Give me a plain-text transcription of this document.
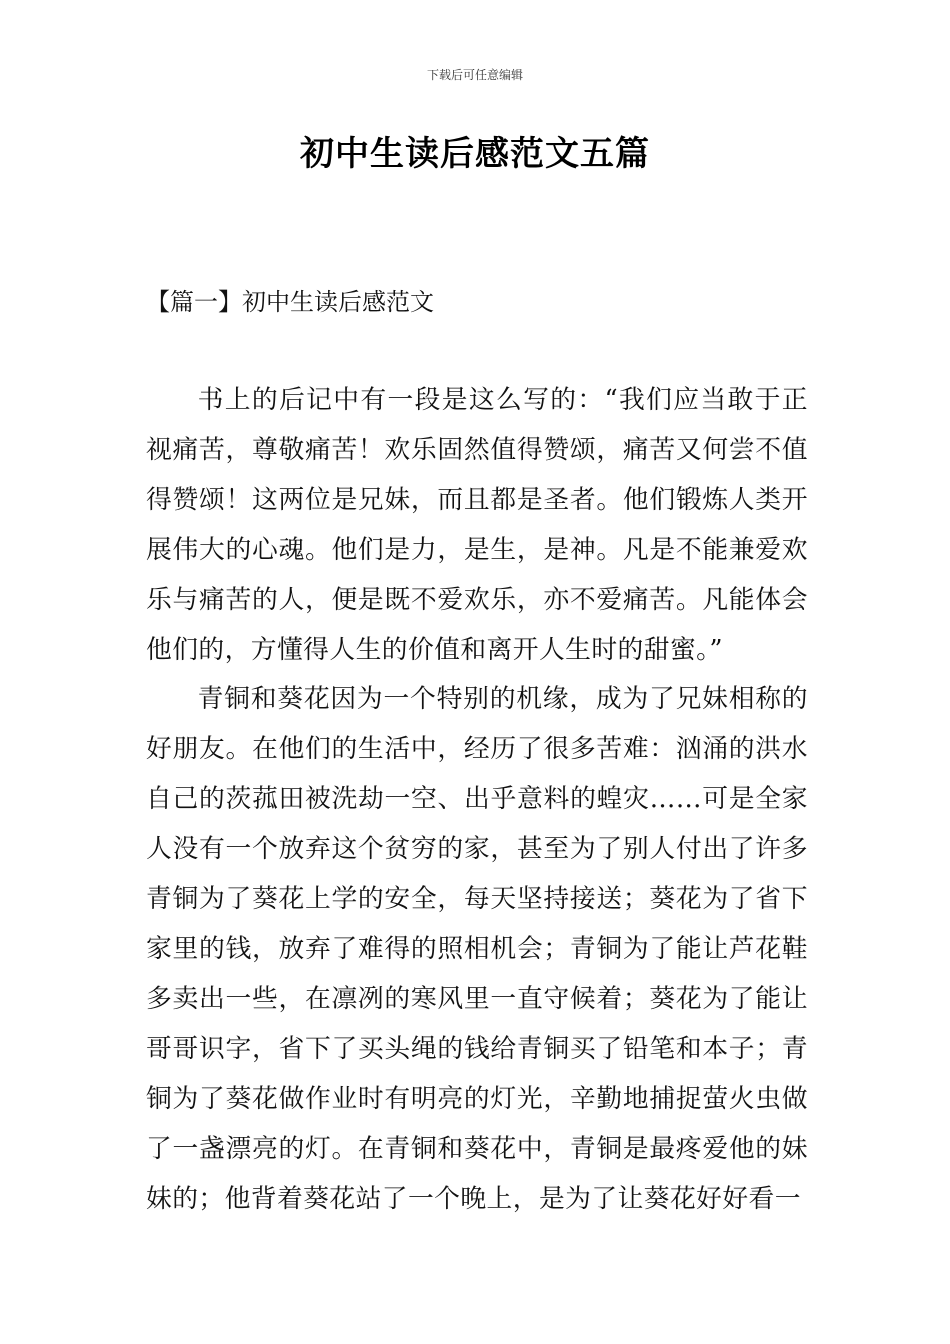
下载后可任意编辑
初中生读后感范文五篇
【篇一】初中生读后感范文

书上的后记中有一段是这么写的：“我们应当敢于正视痛苦，尊敬痛苦！欢乐固然值得赞颂，痛苦又何尝不值得赞颂！这两位是兄妹，而且都是圣者。他们锻炼人类开展伟大的心魂。他们是力，是生，是神。凡是不能兼爱欢乐与痛苦的人，便是既不爱欢乐，亦不爱痛苦。凡能体会他们的，方懂得人生的价值和离开人生时的甜蜜。”

青铜和葵花因为一个特别的机缘，成为了兄妹相称的好朋友。在他们的生活中，经历了很多苦难：汹涌的洪水自己的茨菰田被洗劫一空、出乎意料的蝗灾……可是全家人没有一个放弃这个贫穷的家，甚至为了别人付出了许多青铜为了葵花上学的安全，每天坚持接送；葵花为了省下家里的钱，放弃了难得的照相机会；青铜为了能让芦花鞋多卖出一些，在凛冽的寒风里一直守候着；葵花为了能让哥哥识字，省下了买头绳的钱给青铜买了铅笔和本子；青铜为了葵花做作业时有明亮的灯光，辛勤地捕捉萤火虫做了一盏漂亮的灯。在青铜和葵花中，青铜是最疼爱他的妹妹的；他背着葵花站了一个晚上，是为了让葵花好好看一
